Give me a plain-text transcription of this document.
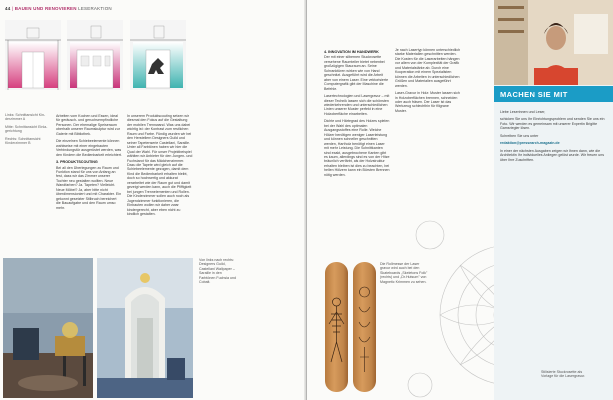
44 | BAUEN UND RENOVIEREN LESERAKTION
Links: Schnittansicht Kin- derzimmer A
Mitte: Schnittansicht Einla- gerichtung
Rechts: Schnittansicht Kinderzimmer B

Arbeiten vom Kochen und Essen, ideal für geräusch- und geruchsempfindliche Personen. Der ehemalige Speiseraum oberhalb unserer Raumskulptur wird zur Galerie mit Bibliothek.

Die einzelnen Schiebeelemente können wahlweise mit einer eingebauten Verbindungstür ausgerüstet werden, was den Kindern die Bedienbarkeit erleichtert.

3. PRODUKTSCOUTING

Bei all den Überlegungen zu Raum und Funktion stand für uns von Anfang an fest, dass wir das Zimmer unserer Tochter neu gestalten wollten. Neue Wandfarben? Ja. Tapeten? Vielleicht. Neue Möbel? Ja, aber bitte nicht überdimensioniert und mit Charakter. Ein gekonnt gesetzter Stilbruch bereichert die Bauaufgabe und den Raum umso mehr.

In unserem Produktscouting setzen wir diesmal den Fokus auf die Gestaltung der mobilen Trennwand. Was uns dabei wichtig ist: der Kontrast zum restlichen Raum und Farbe. Fündig wurden wir bei den Herstellern Designers Guild und seiner Tapetenserie Castellani, Saraille. Unter all Farbtönen haben wir hier die Qual der Wahl. Für unser Projektbeispiel wählten wir Anbieter für den Jungen- und Fuchsiarot für das Mädchenzimmer. Dazu die Tapete wird gleich auf die Schiebeelemente gezogen, damit dem Kind die Bedienbarkeit erhalten bleibt, doch so hochwertig und akkurat verarbeitet wie der Raum gut und damit gezeigt werden kann, auch die Pfiffigkeit bei jungen Trennelementen und Rollen. Die Kinderzimmer sollen auch noch als Jugendzimmer funktionieren, die Einbauten wollen wir daher zwar kindergerecht, aber eben nicht zu kindlich gestalten.

Von links nach rechts: Designers Guild, Castellani Wallpaper – Saraille in den Farbtönen Fuchsia und Cobalt.
4. INNOVATION IM HANDWERK

Der mit einer silbernen Stuckrosette versehene Raumteiler bietet nebenbei großzügigen Stauraum an. Seine Schranktüren wirken wie von Hand geschnitzt. Ausgeführt wird die Arbeit aber von einem Laser. Eine vektorisierte Computergrafik gibt der Maschine die Befehle.

Lasertechnologien und Lasergravur – mit dieser Technik lassen sich die schönsten wiederkehrenden und unterschiedlichen Linien unserer Muster perfekt in eine Holzoberfläche einarbeiten.

Dichte und Härtegrad des Holzes spielen bei der Wahl des optimalen Ausgangsstoffes eine Rolle. Weiche Hölzer benötigen weniger Laserleistung und können schneller geschnitten werden, Hartholz benötigt einen Laser mit mehr Leistung. Die Schnittkanten sind exakt, ausgebrochene Kanten gibt es kaum, allerdings sind es von der Hitze bräunlich verfärbt, als der Holzstruktur erhalten bleiben ist dies zu beachten, bei hellen Hölzern kann ein Bürsten Brennen nötig werden.

Je nach Lasertyp können unterschiedlich starke Materialien geschnitten werden. Die Kosten für die Laserarbeiten hängen vor allem von der Komplexität der Grafik und Materialstärke ab. Durch eine Kooperation mit einem Spezialisten können die Arbeiten in unterschiedlichen Größen und Materialien ausgeführt werden.

Laser-Gravur in Holz: Muster lassen sich in Holzoberflächen brennen, schneiden oder auch fräsen. Der Laser ist das Werkzeug schlechthin für filigrane Muster.

Die Rollmesse der Laser gravur wird auch bei den Skateboards „Skeletons Folk" (rechts) und „Dr.Hutsum" von Magnetic Krimmen zu sehen.
MACHEN SIE MIT

Liebe Leserinnen und Leser,

schicken Sie uns Ihr Einrichtungsproblem und senden Sie uns ein Foto. Wir werden es gemeinsam mit unserer Expertin Brigitte Gamsriegler lösen.

Schreiben Sie uns unter

redaktion@pressearch-magazin.de

In einer der nächsten Ausgaben zeigen wir Ihnen dann, wie die Architektin Ihr individuelles Anliegen gelöst wurde. Wir freuen uns über Ihre Zuschriften.

Stilisierte Stuckrosette als Vorlage für die Lasergravur.
